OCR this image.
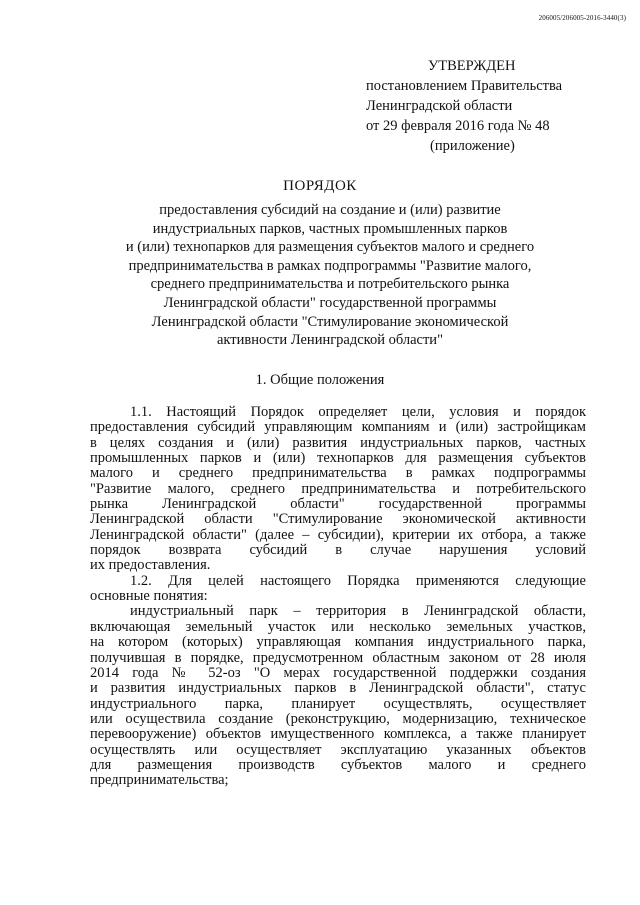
206005/206005-2016-3440(3)
УТВЕРЖДЕН
постановлением Правительства
Ленинградской области
от 29 февраля 2016 года № 48
(приложение)
ПОРЯДОК
предоставления субсидий на создание и (или) развитие
индустриальных парков, частных промышленных парков
и (или) технопарков для размещения субъектов малого и среднего
предпринимательства в рамках подпрограммы "Развитие малого,
среднего предпринимательства и потребительского рынка
Ленинградской области" государственной программы
Ленинградской области "Стимулирование экономической
активности Ленинградской области"
1. Общие положения
1.1. Настоящий Порядок определяет цели, условия и порядок
предоставления субсидий управляющим компаниям и (или) застройщикам
в целях создания и (или) развития индустриальных парков, частных
промышленных парков и (или) технопарков для размещения субъектов
малого и среднего предпринимательства в рамках подпрограммы
"Развитие малого, среднего предпринимательства и потребительского
рынка Ленинградской области" государственной программы
Ленинградской области "Стимулирование экономической активности
Ленинградской области" (далее – субсидии), критерии их отбора, а также
порядок возврата субсидий в случае нарушения условий
их предоставления.
1.2. Для целей настоящего Порядка применяются следующие
основные понятия:
индустриальный парк – территория в Ленинградской области,
включающая земельный участок или несколько земельных участков,
на котором (которых) управляющая компания индустриального парка,
получившая в порядке, предусмотренном областным законом от 28 июля
2014 года № 52-оз "О мерах государственной поддержки создания
и развития индустриальных парков в Ленинградской области", статус
индустриального парка, планирует осуществлять, осуществляет
или осуществила создание (реконструкцию, модернизацию, техническое
перевооружение) объектов имущественного комплекса, а также планирует
осуществлять или осуществляет эксплуатацию указанных объектов
для размещения производств субъектов малого и среднего
предпринимательства;
